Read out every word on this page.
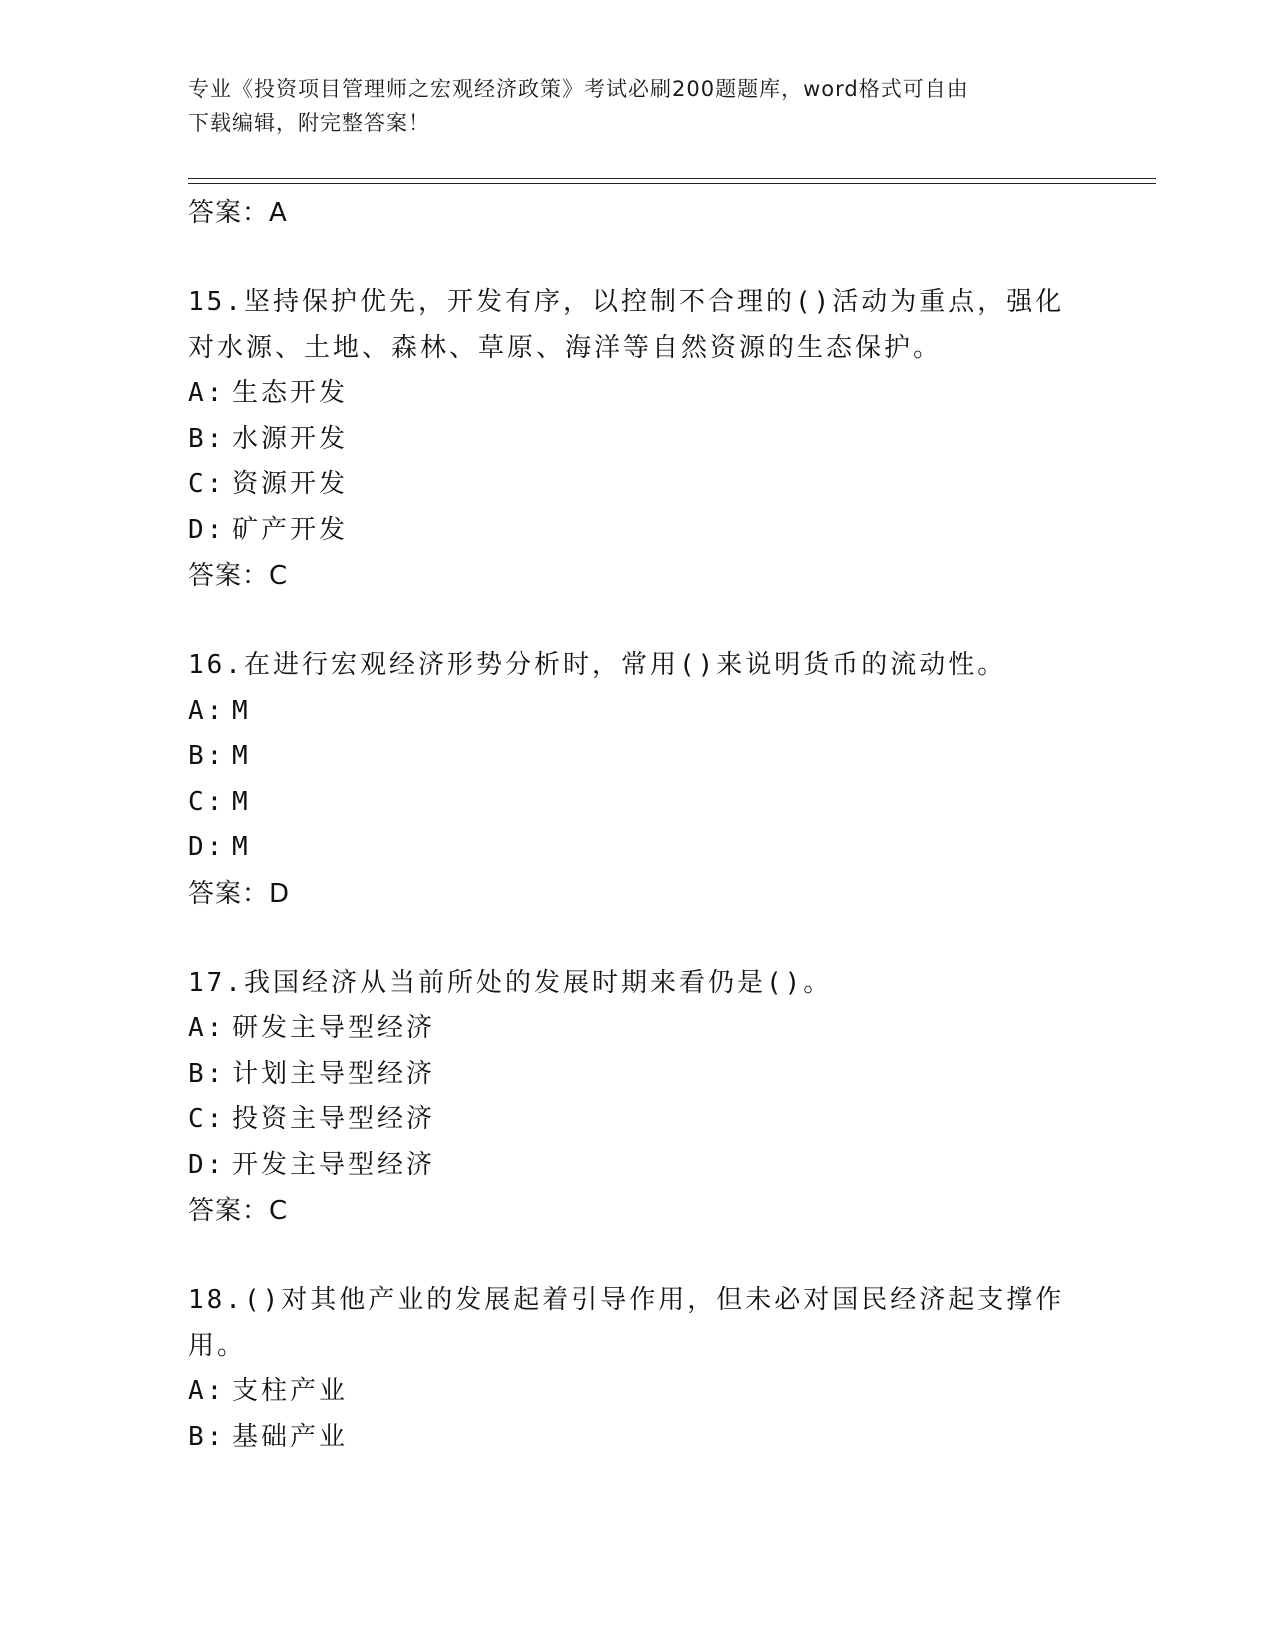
专业《投资项目管理师之宏观经济政策》考试必刷200题题库，word格式可自由
下载编辑，附完整答案！
答案：A
15.坚持保护优先，开发有序，以控制不合理的()活动为重点，强化对水源、土地、森林、草原、海洋等自然资源的生态保护。
A: 生态开发
B: 水源开发
C: 资源开发
D: 矿产开发
答案：C
16.在进行宏观经济形势分析时，常用()来说明货币的流动性。
A: M
B: M
C: M
D: M
答案：D
17.我国经济从当前所处的发展时期来看仍是()。
A: 研发主导型经济
B: 计划主导型经济
C: 投资主导型经济
D: 开发主导型经济
答案：C
18.()对其他产业的发展起着引导作用，但未必对国民经济起支撑作用。
A: 支柱产业
B: 基础产业
